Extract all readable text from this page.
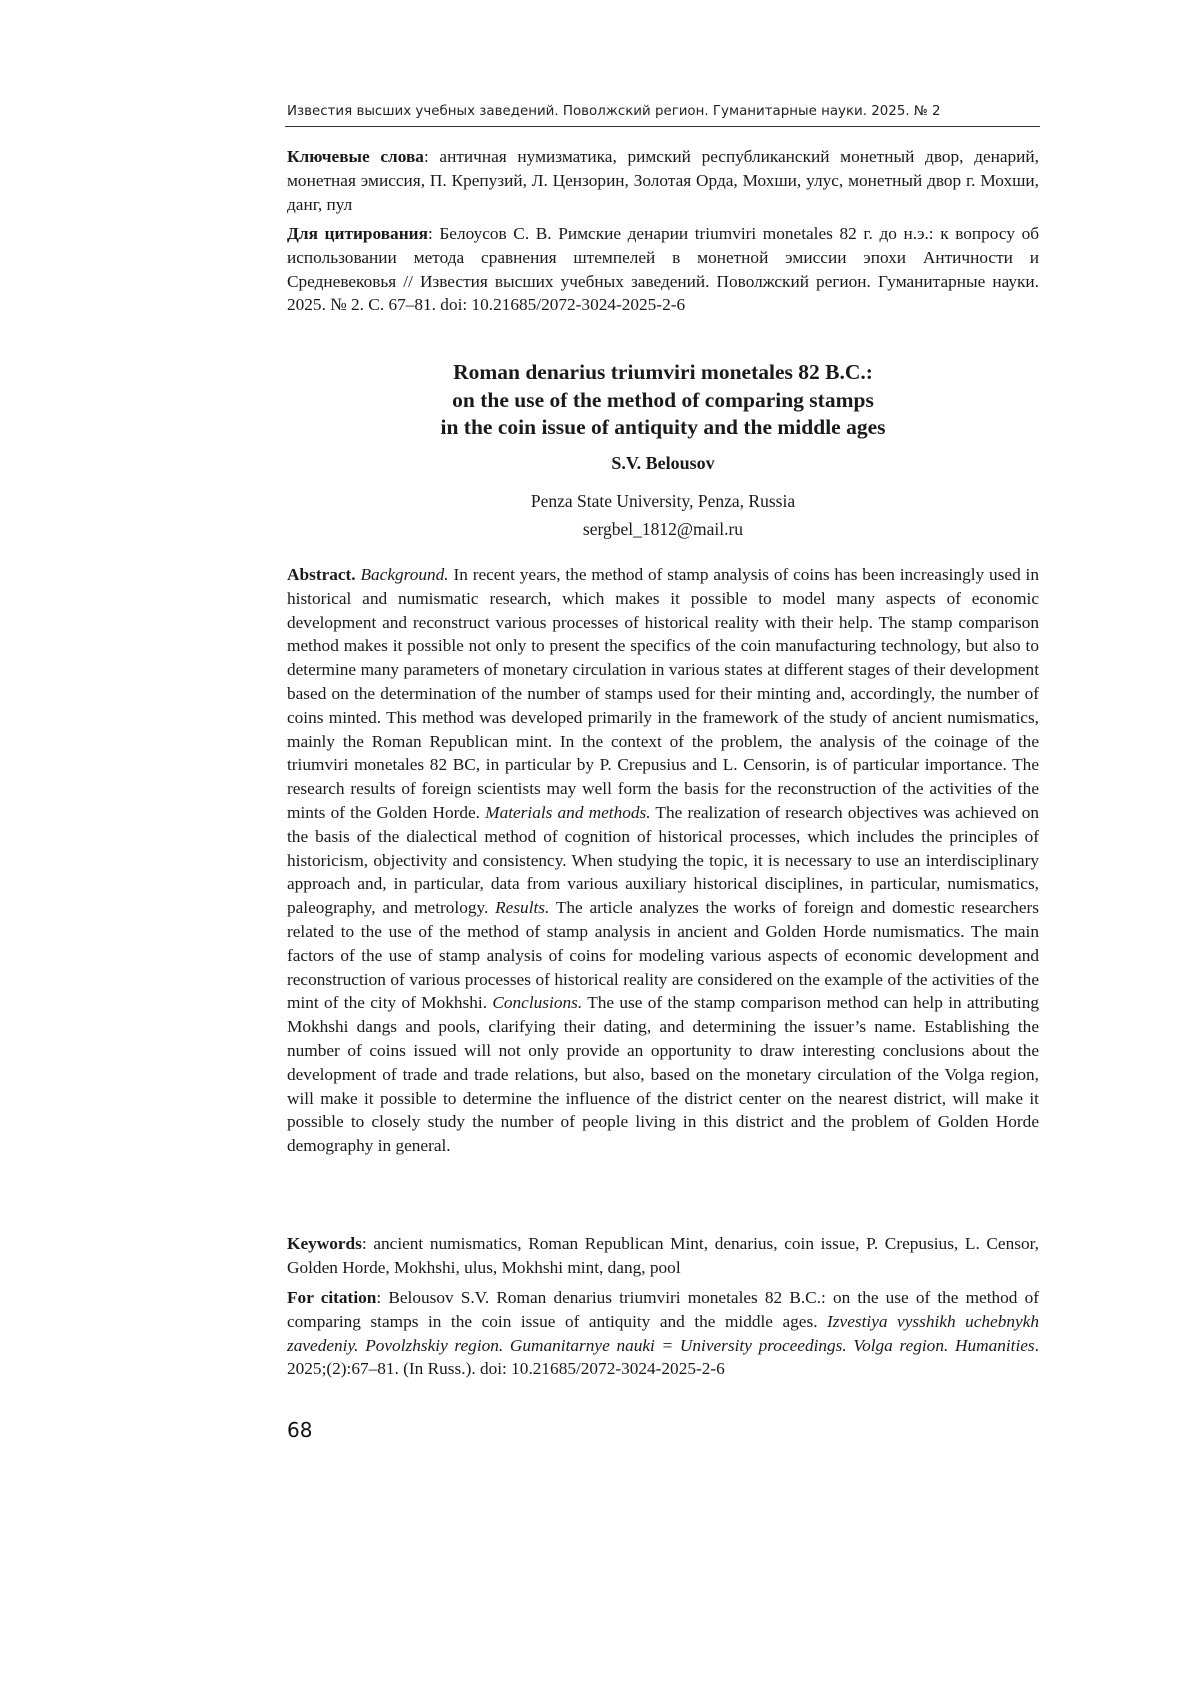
Известия высших учебных заведений. Поволжский регион. Гуманитарные науки. 2025. № 2

Ключевые слова: античная нумизматика, римский республиканский монетный двор, денарий, монетная эмиссия, П. Крепузий, Л. Цензорин, Золотая Орда, Мохши, улус, монетный двор г. Мохши, данг, пул

Для цитирования: Белоусов С. В. Римские денарии triumviri monetales 82 г. до н.э.: к вопросу об использовании метода сравнения штемпелей в монетной эмиссии эпохи Античности и Средневековья // Известия высших учебных заведений. Поволжский регион. Гуманитарные науки. 2025. № 2. С. 67–81. doi: 10.21685/2072-3024-2025-2-6

Roman denarius triumviri monetales 82 B.C.:
on the use of the method of comparing stamps
in the coin issue of antiquity and the middle ages
S.V. Belousov
Penza State University, Penza, Russia
sergbel_1812@mail.ru

Abstract. Background. In recent years, the method of stamp analysis of coins has been increasingly used in historical and numismatic research, which makes it possible to model many aspects of economic development and reconstruct various processes of historical reality with their help. The stamp comparison method makes it possible not only to present the specifics of the coin manufacturing technology, but also to determine many parameters of monetary circulation in various states at different stages of their development based on the determination of the number of stamps used for their minting and, accordingly, the number of coins minted. This method was developed primarily in the framework of the study of ancient numismatics, mainly the Roman Republican mint. In the context of the problem, the analysis of the coinage of the triumviri monetales 82 BC, in particular by P. Crepusius and L. Censorin, is of particular importance. The research results of foreign scientists may well form the basis for the reconstruction of the activities of the mints of the Golden Horde. Materials and methods. The realization of research objectives was achieved on the basis of the dialectical method of cognition of historical processes, which includes the principles of historicism, objectivity and consistency. When studying the topic, it is necessary to use an interdisciplinary approach and, in particular, data from various auxiliary historical disciplines, in particular, numismatics, paleography, and metrology. Results. The article analyzes the works of foreign and domestic researchers related to the use of the method of stamp analysis in ancient and Golden Horde numismatics. The main factors of the use of stamp analysis of coins for modeling various aspects of economic development and reconstruction of various processes of historical reality are considered on the example of the activities of the mint of the city of Mokhshi. Conclusions. The use of the stamp comparison method can help in attributing Mokhshi dangs and pools, clarifying their dating, and determining the issuer’s name. Establishing the number of coins issued will not only provide an opportunity to draw interesting conclusions about the development of trade and trade relations, but also, based on the monetary circulation of the Volga region, will make it possible to determine the influence of the district center on the nearest district, will make it possible to closely study the number of people living in this district and the problem of Golden Horde demography in general.

Keywords: ancient numismatics, Roman Republican Mint, denarius, coin issue, P. Crepusius, L. Censor, Golden Horde, Mokhshi, ulus, Mokhshi mint, dang, pool

For citation: Belousov S.V. Roman denarius triumviri monetales 82 B.C.: on the use of the method of comparing stamps in the coin issue of antiquity and the middle ages. Izvestiya vysshikh uchebnykh zavedeniy. Povolzhskiy region. Gumanitarnye nauki = University proceedings. Volga region. Humanities. 2025;(2):67–81. (In Russ.). doi: 10.21685/2072-3024-2025-2-6

68
